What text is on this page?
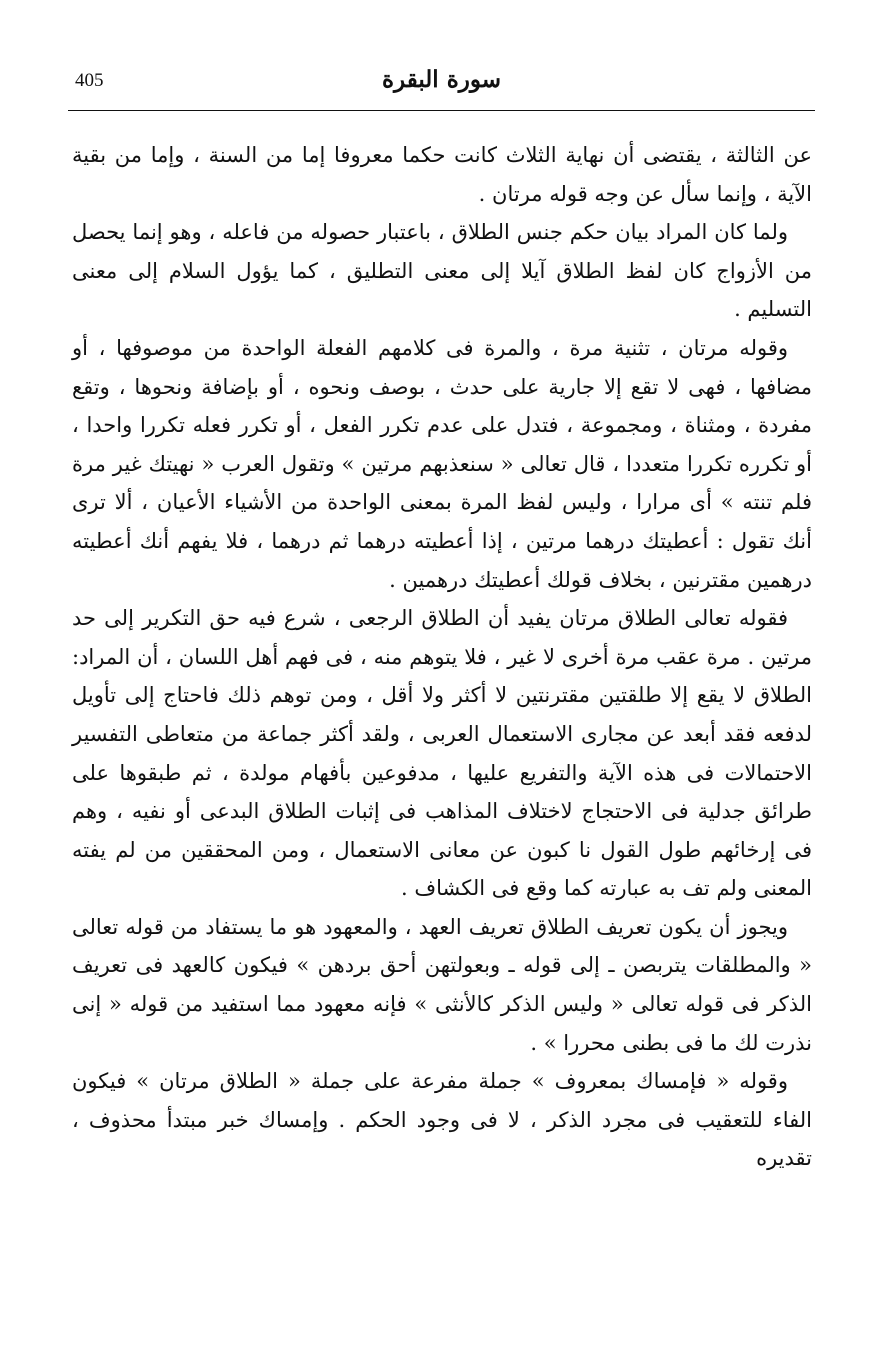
405	سورة البقرة

عن الثالثة ، يقتضى أن نهاية الثلاث كانت حكما معروفا إما من السنة ، وإما من بقية الآية ، وإنما سأل عن وجه قوله مرتان .

ولما كان المراد بيان حكم جنس الطلاق ، باعتبار حصوله من فاعله ، وهو إنما يحصل من الأزواج كان لفظ الطلاق آيلا إلى معنى التطليق ، كما يؤول السلام إلى معنى التسليم .

وقوله مرتان ، تثنية مرة ، والمرة فى كلامهم الفعلة الواحدة من موصوفها ، أو مضافها ، فهى لا تقع إلا جارية على حدث ، بوصف ونحوه ، أو بإضافة ونحوها ، وتقع مفردة ، ومثناة ، ومجموعة ، فتدل على عدم تكرر الفعل ، أو تكرر فعله تكررا واحدا ، أو تكرره تكررا متعددا ، قال تعالى « سنعذبهم مرتين » وتقول العرب « نهيتك غير مرة فلم تنته » أى مرارا ، وليس لفظ المرة بمعنى الواحدة من الأشياء الأعيان ، ألا ترى أنك تقول : أعطيتك درهما مرتين ، إذا أعطيته درهما ثم درهما ، فلا يفهم أنك أعطيته درهمين مقترنين ، بخلاف قولك أعطيتك درهمين .

فقوله تعالى الطلاق مرتان يفيد أن الطلاق الرجعى ، شرع فيه حق التكرير إلى حد مرتين . مرة عقب مرة أخرى لا غير ، فلا يتوهم منه ، فى فهم أهل اللسان ، أن المراد: الطلاق لا يقع إلا طلقتين مقترنتين لا أكثر ولا أقل ، ومن توهم ذلك فاحتاج إلى تأويل لدفعه فقد أبعد عن مجارى الاستعمال العربى ، ولقد أكثر جماعة من متعاطى التفسير الاحتمالات فى هذه الآية والتفريع عليها ، مدفوعين بأفهام مولدة ، ثم طبقوها على طرائق جدلية فى الاحتجاج لاختلاف المذاهب فى إثبات الطلاق البدعى أو نفيه ، وهم فى إرخائهم طول القول نا كبون عن معانى الاستعمال ، ومن المحققين من لم يفته المعنى ولم تف به عبارته كما وقع فى الكشاف .

ويجوز أن يكون تعريف الطلاق تعريف العهد ، والمعهود هو ما يستفاد من قوله تعالى « والمطلقات يتربصن ـ إلى قوله ـ وبعولتهن أحق بردهن » فيكون كالعهد فى تعريف الذكر فى قوله تعالى « وليس الذكر كالأنثى » فإنه معهود مما استفيد من قوله « إنى نذرت لك ما فى بطنى محررا » .

وقوله « فإمساك بمعروف » جملة مفرعة على جملة « الطلاق مرتان » فيكون الفاء للتعقيب فى مجرد الذكر ، لا فى وجود الحكم . وإمساك خبر مبتدأ محذوف ، تقديره
